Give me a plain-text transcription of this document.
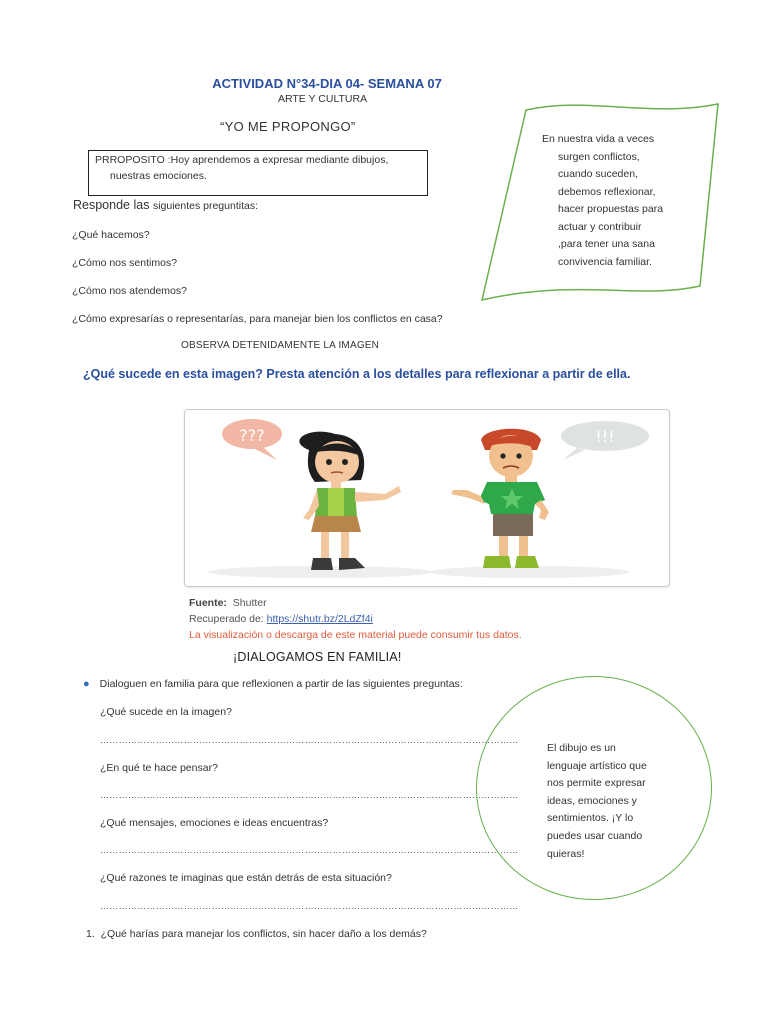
ACTIVIDAD N°34-DIA 04- SEMANA 07
ARTE Y CULTURA
“YO ME PROPONGO”
PRROPOSITO :Hoy aprendemos a expresar mediante dibujos,
nuestras emociones.
En nuestra vida a veces
surgen conflictos,
cuando suceden,
debemos reflexionar,
hacer propuestas para
actuar y contribuir
,para tener una sana
convivencia familiar.
Responde las siguientes preguntitas:
¿Qué hacemos?
¿Cómo nos sentimos?
¿Cómo nos atendemos?
¿Cómo expresarías o representarías, para manejar bien los conflictos en casa?
OBSERVA DETENIDAMENTE LA IMAGEN
¿Qué sucede en esta imagen? Presta atención a los detalles para reflexionar a partir de ella.
???	!!!
Fuente: Shutter
Recuperado de: https://shutr.bz/2LdZf4i
La visualización o descarga de este material puede consumir tus datos.
¡DIALOGAMOS EN FAMILIA!
● Dialoguen en familia para que reflexionen a partir de las siguientes preguntas:
¿Qué sucede en la imagen?
………………………………………………………………………………………………………………………
¿En qué te hace pensar?
………………………………………………………………………………………………………………………
¿Qué mensajes, emociones e ideas encuentras?
………………………………………………………………………………………………………………………
¿Qué razones te imaginas que están detrás de esta situación?
………………………………………………………………………………………………………………………
El dibujo es un
lenguaje artístico que
nos permite expresar
ideas, emociones y
sentimientos. ¡Y lo
puedes usar cuando
quieras!
1. ¿Qué harías para manejar los conflictos, sin hacer daño a los demás?
